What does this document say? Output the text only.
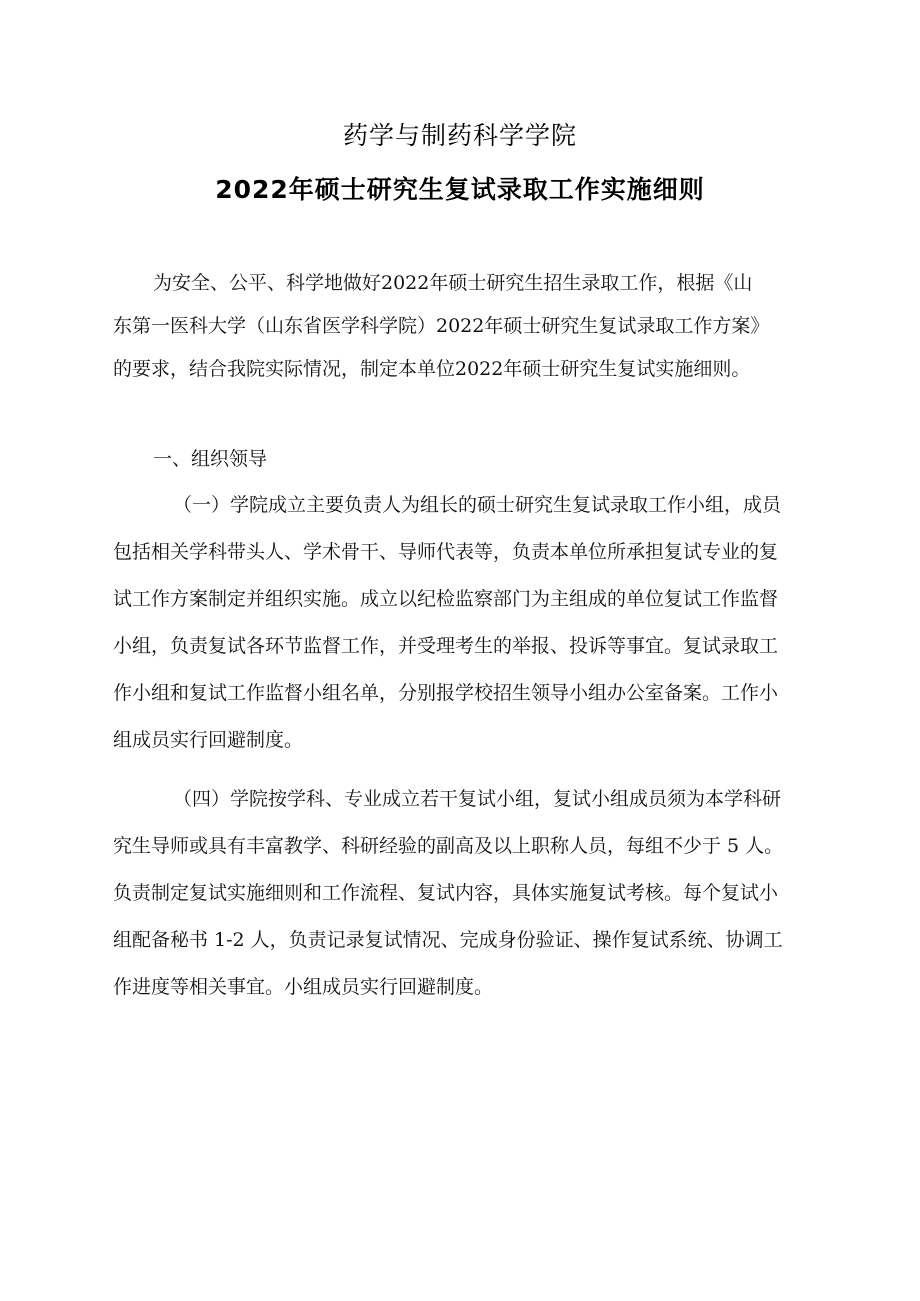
药学与制药科学学院
2022年硕士研究生复试录取工作实施细则
为安全、公平、科学地做好2022年硕士研究生招生录取工作，根据《山
东第一医科大学（山东省医学科学院）2022年硕士研究生复试录取工作方案》
的要求，结合我院实际情况，制定本单位2022年硕士研究生复试实施细则。
一、组织领导
（一）学院成立主要负责人为组长的硕士研究生复试录取工作小组，成员
包括相关学科带头人、学术骨干、导师代表等，负责本单位所承担复试专业的复
试工作方案制定并组织实施。成立以纪检监察部门为主组成的单位复试工作监督
小组，负责复试各环节监督工作，并受理考生的举报、投诉等事宜。复试录取工
作小组和复试工作监督小组名单，分别报学校招生领导小组办公室备案。工作小
组成员实行回避制度。
（四）学院按学科、专业成立若干复试小组，复试小组成员须为本学科研
究生导师或具有丰富教学、科研经验的副高及以上职称人员，每组不少于 5 人。
负责制定复试实施细则和工作流程、复试内容，具体实施复试考核。每个复试小
组配备秘书 1-2 人，负责记录复试情况、完成身份验证、操作复试系统、协调工
作进度等相关事宜。小组成员实行回避制度。
